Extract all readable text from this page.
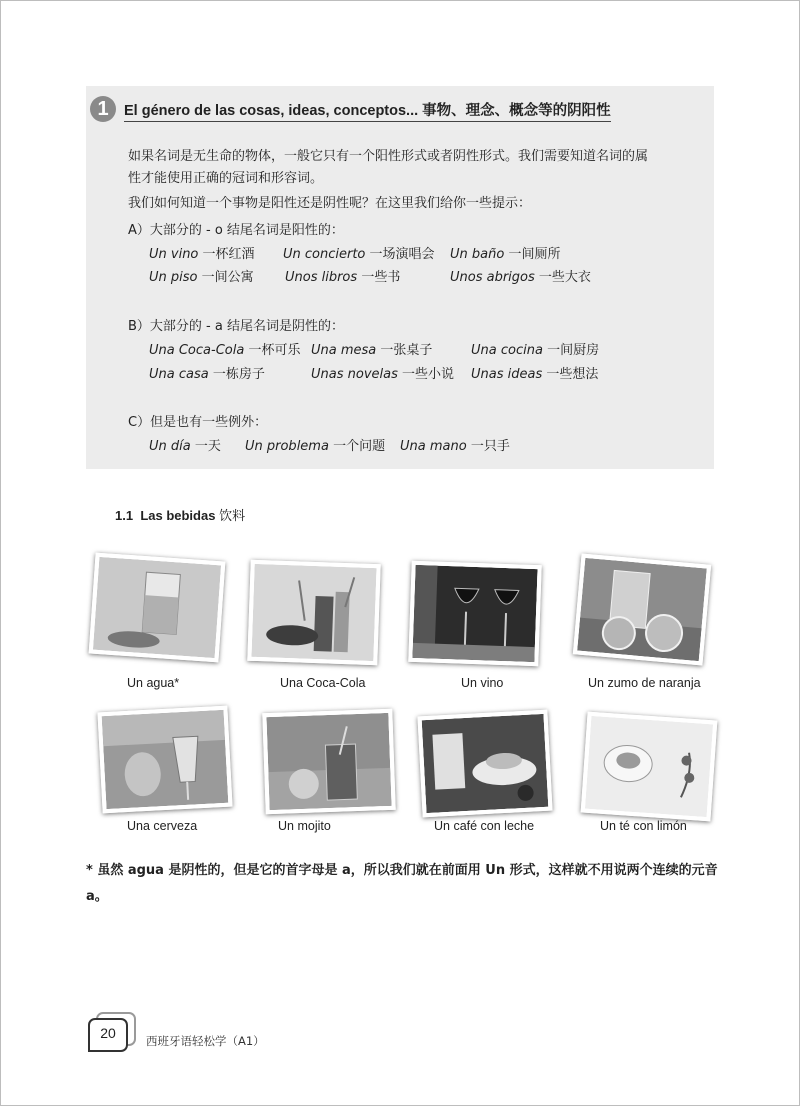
1	El género de las cosas, ideas, conceptos... 事物、理念、概念等的阴阳性
如果名词是无生命的物体，一般它只有一个阳性形式或者阴性形式。我们需要知道名词的属
性才能使用正确的冠词和形容词。
我们如何知道一个事物是阳性还是阴性呢？在这里我们给你一些提示：
A）大部分的 - o 结尾名词是阳性的：
Un vino 一杯红酒 Un concierto 一场演唱会 Un baño 一间厕所
Un piso 一间公寓 Unos libros 一些书	Unos abrigos 一些大衣
B）大部分的 - a 结尾名词是阴性的：
Una Coca-Cola 一杯可乐 Una mesa 一张桌子	Una cocina 一间厨房
Una casa 一栋房子	Unas novelas 一些小说 Unas ideas 一些想法
C）但是也有一些例外：
Un día 一天 Un problema 一个问题 Una mano 一只手
1.1 Las bebidas 饮料
Un agua*	Una Coca-Cola	Un vino	Un zumo de naranja
Una cerveza	Un mojito	Un café con leche	Un té con limón
* 虽然 agua 是阴性的，但是它的首字母是 a，所以我们就在前面用 Un 形式，这样就不用说两个连续的元音 a。
20	西班牙语轻松学（A1）
